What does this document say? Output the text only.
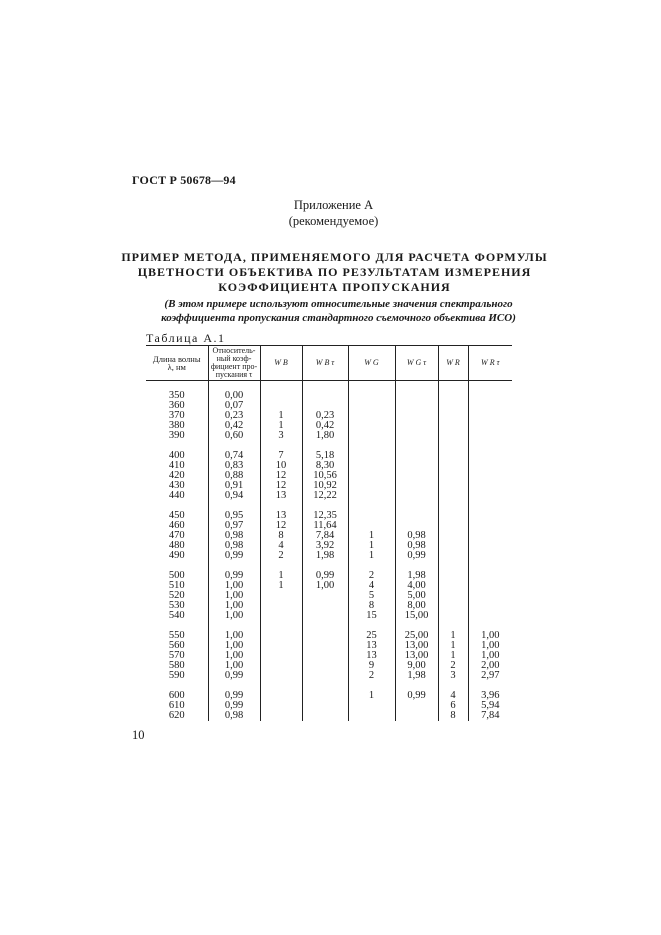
ГОСТ Р 50678—94
Приложение А
(рекомендуемое)
ПРИМЕР МЕТОДА, ПРИМЕНЯЕМОГО ДЛЯ РАСЧЕТА ФОРМУЛЫ
ЦВЕТНОСТИ ОБЪЕКТИВА ПО РЕЗУЛЬТАТАМ ИЗМЕРЕНИЯ
КОЭФФИЦИЕНТА ПРОПУСКАНИЯ
(В этом примере используют относительные значения спектрального
коэффициента пропускания стандартного съемочного объектива ИСО)
Таблица А.1
Длина волны λ, нм	Относитель-ный коэф-фициент про-пускания τ	W B	W B τ	W G	W G τ	W R	W R τ

350	0,00						
360	0,07						
370	0,23	1	0,23				
380	0,42	1	0,42				
390	0,60	3	1,80				

400	0,74	7	5,18				
410	0,83	10	8,30				
420	0,88	12	10,56				
430	0,91	12	10,92				
440	0,94	13	12,22				

450	0,95	13	12,35				
460	0,97	12	11,64				
470	0,98	8	7,84	1	0,98		
480	0,98	4	3,92	1	0,98		
490	0,99	2	1,98	1	0,99		

500	0,99	1	0,99	2	1,98		
510	1,00	1	1,00	4	4,00		
520	1,00			5	5,00		
530	1,00			8	8,00		
540	1,00			15	15,00		

550	1,00			25	25,00	1	1,00
560	1,00			13	13,00	1	1,00
570	1,00			13	13,00	1	1,00
580	1,00			9	9,00	2	2,00
590	0,99			2	1,98	3	2,97

600	0,99			1	0,99	4	3,96
610	0,99					6	5,94
620	0,98					8	7,84
10
